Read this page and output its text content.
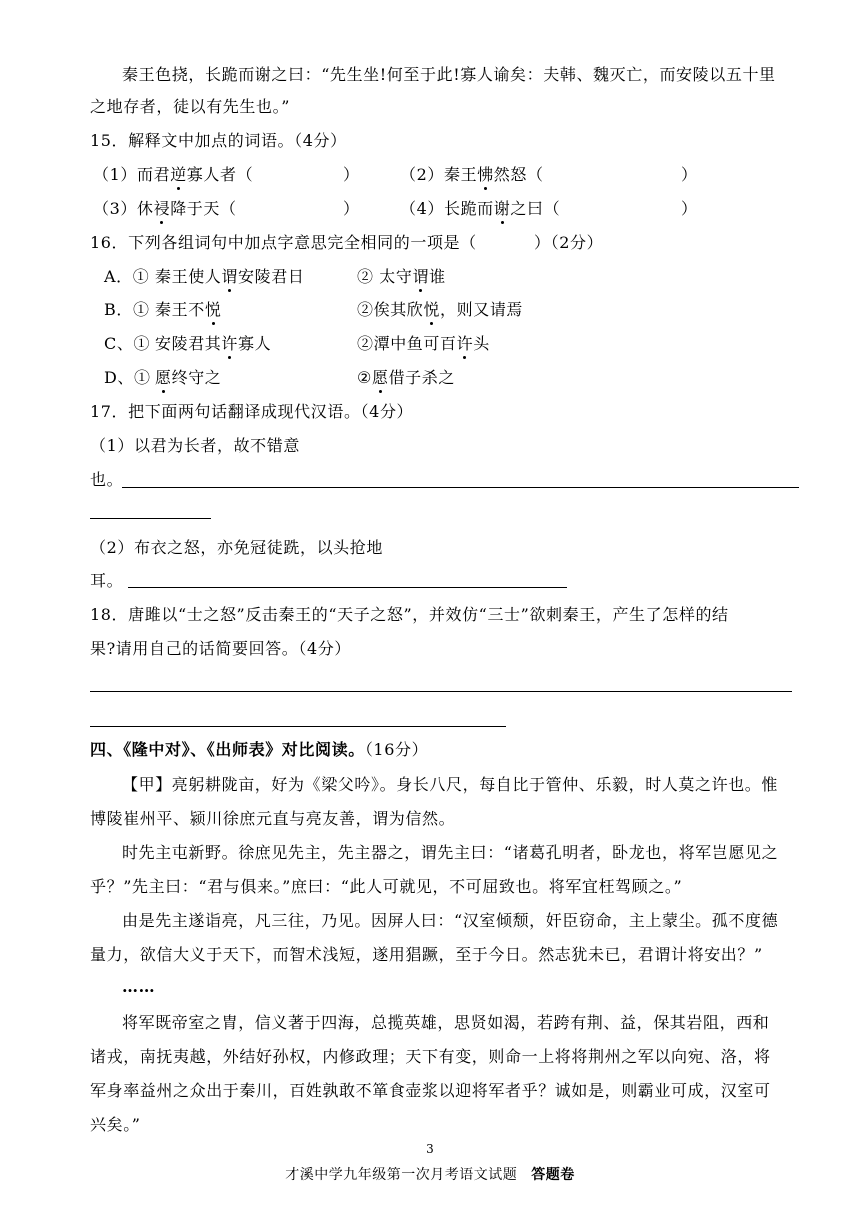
秦王色挠，长跪而谢之曰：“先生坐!何至于此!寡人谕矣：夫韩、魏灭亡，而安陵以五十里
之地存者，徒以有先生也。”
15．解释文中加点的词语。（4分）
（1）而君逆寡人者（	）	（2）秦王怫然怒（	）
（3）休祲降于天（	）	（4）长跪而谢之曰（	）
16．下列各组词句中加点字意思完全相同的一项是（	）（2分）
A．① 秦王使人谓安陵君日	② 太守谓谁
B．① 秦王不悦	②俟其欣悦，则又请焉
C、① 安陵君其许寡人	②潭中鱼可百许头
D、① 愿终守之	②愿借子杀之
17．把下面两句话翻译成现代汉语。（4分）
（1）以君为长者，故不错意
也。
（2）布衣之怒，亦免冠徒跣，以头抢地
耳。
18．唐雎以“士之怒”反击秦王的“天子之怒”，并效仿“三士”欲刺秦王，产生了怎样的结
果?请用自己的话简要回答。（4分）
四、《隆中对》、《出师表》对比阅读。（16分）
【甲】亮躬耕陇亩，好为《梁父吟》。身长八尺，每自比于管仲、乐毅，时人莫之许也。惟
博陵崔州平、颍川徐庶元直与亮友善，谓为信然。
时先主屯新野。徐庶见先主，先主器之，谓先主曰：“诸葛孔明者，卧龙也，将军岂愿见之
乎？”先主曰：“君与俱来。”庶曰：“此人可就见，不可屈致也。将军宜枉驾顾之。”
由是先主遂诣亮，凡三往，乃见。因屏人曰：“汉室倾颓，奸臣窃命，主上蒙尘。孤不度德
量力，欲信大义于天下，而智术浅短，遂用猖蹶，至于今日。然志犹未已，君谓计将安出？”
……
将军既帝室之胄，信义著于四海，总揽英雄，思贤如渴，若跨有荆、益，保其岩阻，西和
诸戎，南抚夷越，外结好孙权，内修政理；天下有变，则命一上将将荆州之军以向宛、洛，将
军身率益州之众出于秦川，百姓孰敢不箪食壶浆以迎将军者乎？诚如是，则霸业可成，汉室可
兴矣。”
3
才溪中学九年级第一次月考语文试题 答题卷
